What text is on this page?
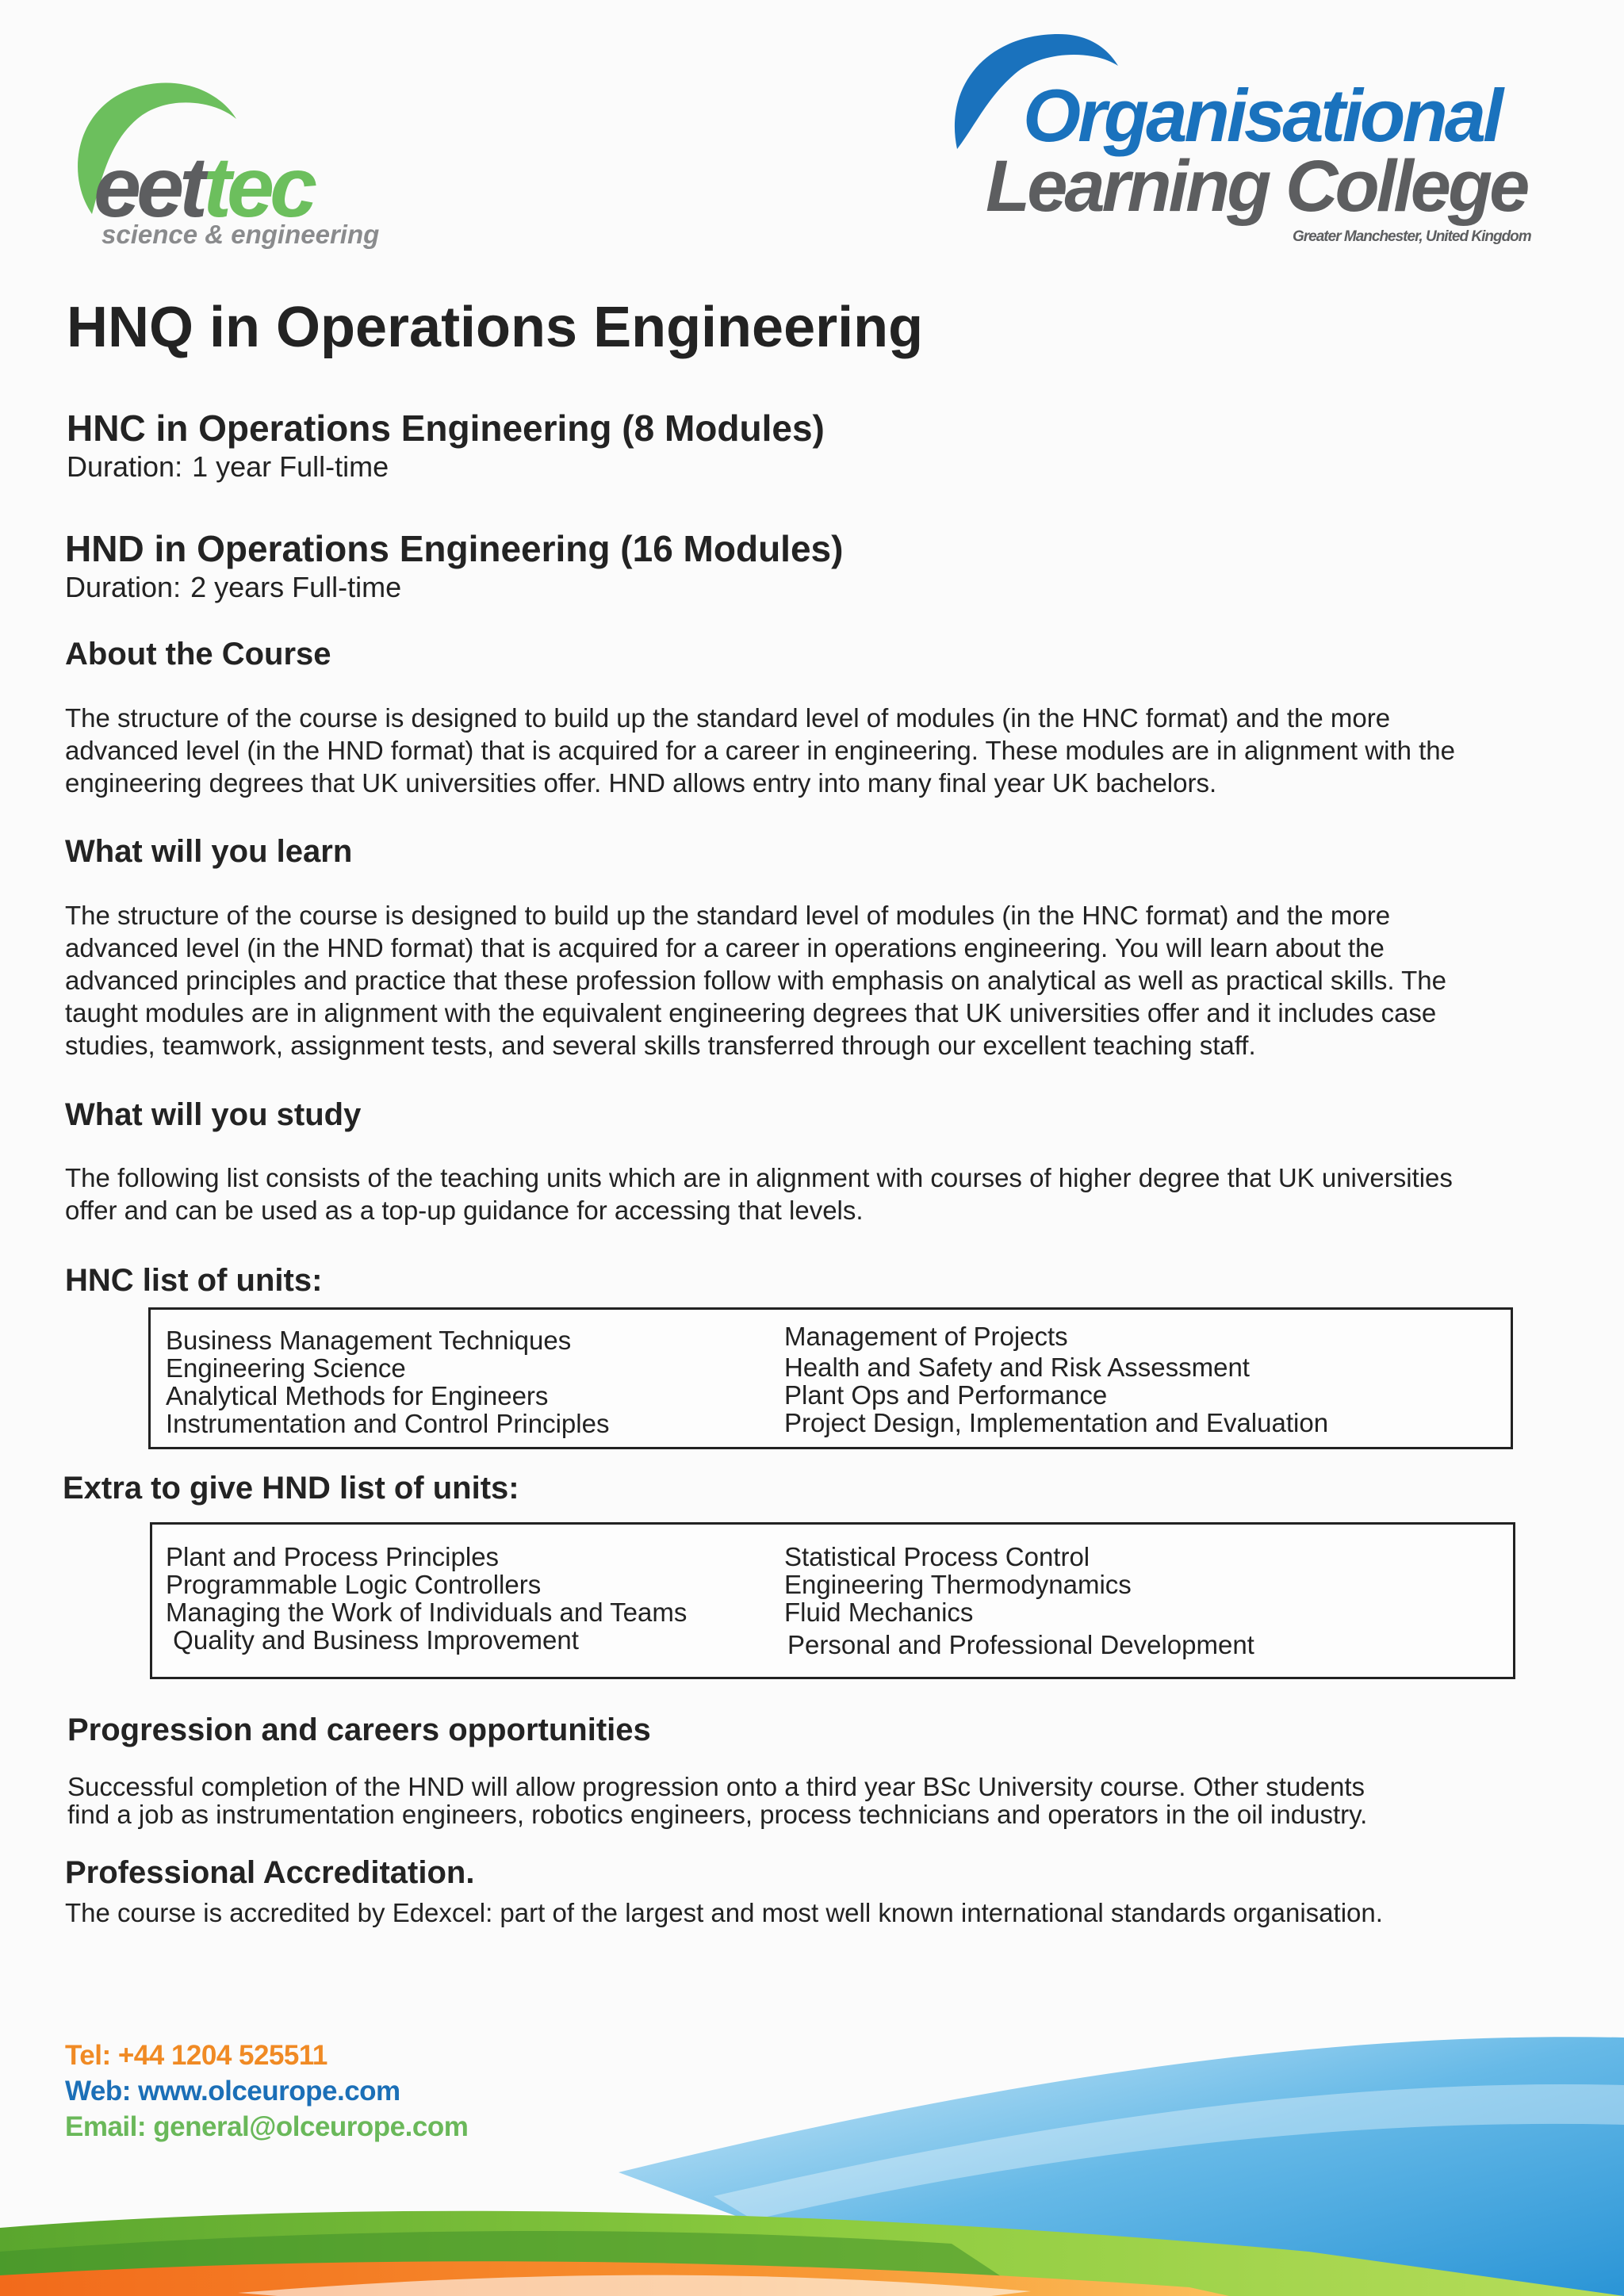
eettec
science & engineering
Organisational
Learning College
Greater Manchester, United Kingdom
HNQ in Operations Engineering
HNC in Operations Engineering (8 Modules)
Duration: 1 year Full-time
HND in Operations Engineering (16 Modules)
Duration: 2 years Full-time
About the Course
The structure of the course is designed to build up the standard level of modules (in the HNC format) and the more
advanced level (in the HND format) that is acquired for a career in engineering. These modules are in alignment with the
engineering degrees that UK universities offer. HND allows entry into many final year UK bachelors.
What will you learn
The structure of the course is designed to build up the standard level of modules (in the HNC format) and the more
advanced level (in the HND format) that is acquired for a career in operations engineering. You will learn about the
advanced principles and practice that these profession follow with emphasis on analytical as well as practical skills. The
taught modules are in alignment with the equivalent engineering degrees that UK universities offer and it includes case
studies, teamwork, assignment tests, and several skills transferred through our excellent teaching staff.
What will you study
The following list consists of the teaching units which are in alignment with courses of higher degree that UK universities
offer and can be used as a top-up guidance for accessing that levels.
HNC list of units:
Business Management Techniques
Engineering Science
Analytical Methods for Engineers
Instrumentation and Control Principles
Management of Projects
Health and Safety and Risk Assessment
Plant Ops and Performance
Project Design, Implementation and Evaluation
Extra to give HND list of units:
Plant and Process Principles
Programmable Logic Controllers
Managing the Work of Individuals and Teams
Quality and Business Improvement
Statistical Process Control
Engineering Thermodynamics
Fluid Mechanics
Personal and Professional Development
Progression and careers opportunities
Successful completion of the HND will allow progression onto a third year BSc University course. Other students
find a job as instrumentation engineers, robotics engineers, process technicians and operators in the oil industry.
Professional Accreditation.
The course is accredited by Edexcel: part of the largest and most well known international standards organisation.
Tel: +44 1204 525511
Web: www.olceurope.com
Email: general@olceurope.com
